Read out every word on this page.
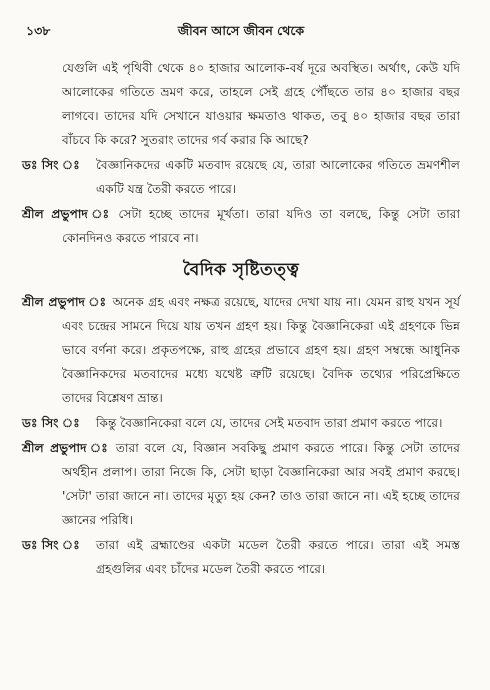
১৩৮	জীবন আসে জীবন থেকে

যেগুলি এই পৃথিবী থেকে ৪০ হাজার আলোক-বর্ষ দূরে অবস্থিত। অর্থাৎ, কেউ যদি আলোকের গতিতে ভ্রমণ করে, তাহলে সেই গ্রহে পৌঁছতে তার ৪০ হাজার বছর লাগবে। তাদের যদি সেখানে যাওয়ার ক্ষমতাও থাকত, তবু ৪০ হাজার বছর তারা বাঁচবে কি করে? সুতরাং তাদের গর্ব করার কি আছে?

ডঃ সিং ঃ বৈজ্ঞানিকদের একটি মতবাদ রয়েছে যে, তারা আলোকের গতিতে ভ্রমণশীল একটি যন্ত্র তৈরী করতে পারে।

শ্রীল প্রভুপাদ ঃ সেটা হচ্ছে তাদের মূর্খতা। তারা যদিও তা বলছে, কিন্তু সেটা তারা কোনদিনও করতে পারবে না।

বৈদিক সৃষ্টিতত্ত্ব

শ্রীল প্রভুপাদ ঃ অনেক গ্রহ এবং নক্ষত্র রয়েছে, যাদের দেখা যায় না। যেমন রাহু যখন সূর্য এবং চন্দ্রের সামনে দিয়ে যায় তখন গ্রহণ হয়। কিন্তু বৈজ্ঞানিকেরা এই গ্রহণকে ভিন্ন ভাবে বর্ণনা করে। প্রকৃতপক্ষে, রাহু গ্রহের প্রভাবে গ্রহণ হয়। গ্রহণ সম্বন্ধে আধুনিক বৈজ্ঞানিকদের মতবাদের মধ্যে যথেষ্ট ত্রুটি রয়েছে। বৈদিক তথ্যের পরিপ্রেক্ষিতে তাদের বিশ্লেষণ ভ্রান্ত।

ডঃ সিং ঃ কিন্তু বৈজ্ঞানিকেরা বলে যে, তাদের সেই মতবাদ তারা প্রমাণ করতে পারে।

শ্রীল প্রভুপাদ ঃ তারা বলে যে, বিজ্ঞান সবকিছু প্রমাণ করতে পারে। কিন্তু সেটা তাদের অর্থহীন প্রলাপ। তারা নিজে কি, সেটা ছাড়া বৈজ্ঞানিকেরা আর সবই প্রমাণ করছে। 'সেটা' তারা জানে না। তাদের মৃত্যু হয় কেন? তাও তারা জানে না। এই হচ্ছে তাদের জ্ঞানের পরিধি।

ডঃ সিং ঃ তারা এই ব্রহ্মাণ্ডের একটা মডেল তৈরী করতে পারে। তারা এই সমস্ত গ্রহগুলির এবং চাঁদের মডেল তৈরী করতে পারে।
